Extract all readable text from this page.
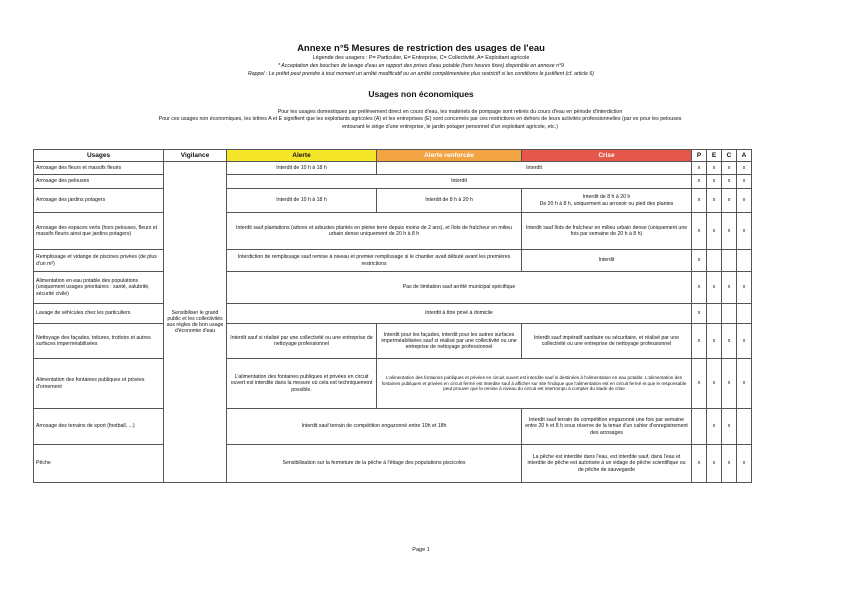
Annexe n°5 Mesures de restriction des usages de l'eau
Légende des usagers : P= Particulier, E= Entreprise, C= Collectivité, A= Exploitant agricole
* Acceptation des bouches de lavage d'eau en rapport des prises d'eau potable (hors heures fixes) disponible en annexe n°9
Rappel : Le préfet peut prendre à tout moment un arrêté modificatif ou un arrêté complémentaire plus restrictif si les conditions le justifient (cf. article 6)
Usages non économiques
Pour les usages domestiques par prélèvement direct en cours d'eau, les matériels de pompage sont retirés du cours d'eau en période d'interdiction
Pour ces usages non économiques, les lettres A et E signifient que les exploitants agricoles (A) et les entreprises (E) sont concernés par ces restrictions en dehors de leurs activités professionnelles (par ex pour les pelouses
entourant le siège d'une entreprise, le jardin potager personnel d'un exploitant agricole, etc.)
Usages	Vigilance	Alerte	Alerte renforcée	Crise	P	E	C	A
Arrosage des fleurs et massifs fleuris	Sensibiliser le grand public et les collectivités aux règles de bon usage d'économie d'eau	Interdit de 10 h à 18 h	Interdit		x	x	x	x
Arrosage des pelouses		Interdit			x	x	x	x
Arrosage des jardins potagers		Interdit de 10 h à 18 h	Interdit de 8 h à 20 h	Interdit de 8 h à 20 h
De 20 h à 8 h, uniquement au arrosoir ou pied des plantes	x	x	x	x
Arrosage des espaces verts (hors pelouses, fleurs et massifs fleuris ainsi que jardins potagers)		Interdit sauf plantations (arbres et arbustes plantés en pleine terre depuis moins de 2 ans), et îlots de fraîcheur en milieu urbain dense uniquement de 20 h à 8 h		Interdit sauf îlots de fraîcheur en milieu urbain dense (uniquement une fois par semaine de 20 h à 8 h)	x	x	x	x
Remplissage et vidange de piscines privées (de plus d'un m³)		Interdiction de remplissage sauf remise à niveau et premier remplissage si le chantier avait débuté avant les premières restrictions		Interdit	x			
Alimentation en eau potable des populations (uniquement usages prioritaires : santé, salubrité, sécurité civile)		Pas de limitation sauf arrêté municipal spécifique			x	x	x	x
Lavage de véhicules chez les particuliers		Interdit à titre privé à domicile			x			
Nettoyage des façades, toitures, trottoirs et autres surfaces imperméabilisées		Interdit sauf si réalisé par une collectivité ou une entreprise de nettoyage professionnel	Interdit pour les façades, interdit pour les autres surfaces imperméabilisées sauf si réalisé par une collectivité ou une entreprise de nettoyage professionnel	Interdit sauf impératif sanitaire ou sécuritaire, et réalisé par une collectivité ou une entreprise de nettoyage professionnel	x	x	x	x
Alimentation des fontaines publiques et privées d'ornement		L'alimentation des fontaines publiques et privées en circuit ouvert est interdite dans la mesure où cela est techniquement possible.	L'alimentation des fontaines publiques et privées en circuit ouvert est interdite sauf si destinées à l'alimentation en eau potable. L'alimentation des fontaines publiques et privées en circuit fermé est interdite sauf à afficher sur site l'indique que l'alimentation est en circuit fermé et que le responsable peut prouver que la remise à niveau du circuit est interrompu à compter du stade de crise		x	x	x	x
Arrosage des terrains de sport (football, ...)		Interdit sauf terrain de compétition engazonné entre 10h et 18h		Interdit sauf terrain de compétition engazonné une fois par semaine entre 20 h et 8 h sous réserve de la tenue d'un cahier d'enregistrement des arrosages		x	x	
Pêche		Sensibilisation sur la fermeture de la pêche à l'étiage des populations piscicoles		La pêche est interdite dans l'eau, est interdite sauf, dans l'eau et interdite de pêche est autorisée à un vidage de pêche scientifique ou de pêche de sauvegarde	x	x	x	x
Page 1
